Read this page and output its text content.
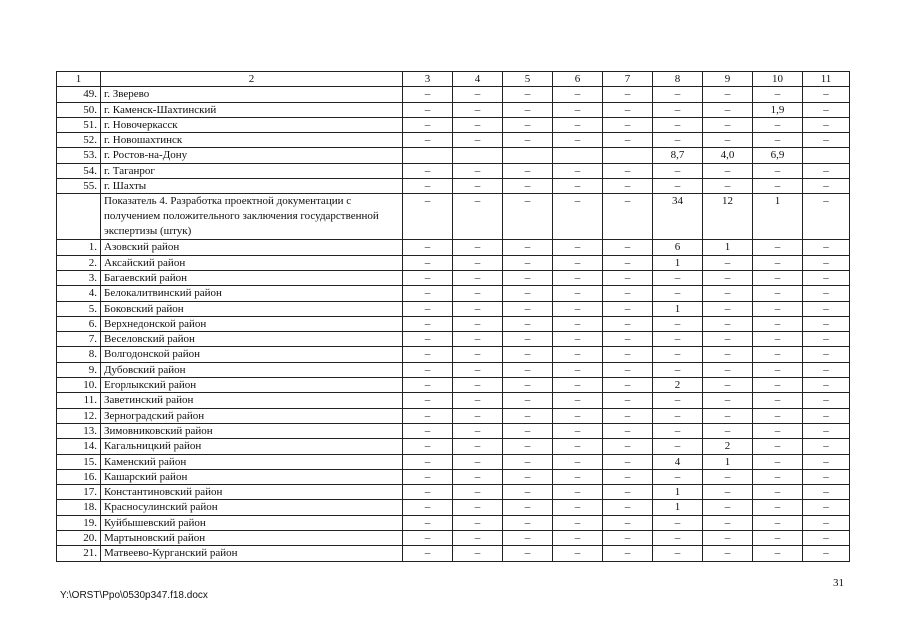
1	2	3	4	5	6	7	8	9	10	11
49.	г. Зверево	–	–	–	–	–	–	–	–	–
50.	г. Каменск-Шахтинский	–	–	–	–	–	–	–	1,9	–
51.	г. Новочеркасск	–	–	–	–	–	–	–	–	–
52.	г. Новошахтинск	–	–	–	–	–	–	–	–	–
53.	г. Ростов-на-Дону						8,7	4,0	6,9	
54.	г. Таганрог	–	–	–	–	–	–	–	–	–
55.	г. Шахты	–	–	–	–	–	–	–	–	–
	Показатель 4. Разработка проектной документации с получением положительного заключения государственной экспертизы (штук)	–	–	–	–	–	34	12	1	–
1.	Азовский район	–	–	–	–	–	6	1	–	–
2.	Аксайский район	–	–	–	–	–	1	–	–	–
3.	Багаевский район	–	–	–	–	–	–	–	–	–
4.	Белокалитвинский район	–	–	–	–	–	–	–	–	–
5.	Боковский район	–	–	–	–	–	1	–	–	–
6.	Верхнедонской район	–	–	–	–	–	–	–	–	–
7.	Веселовский район	–	–	–	–	–	–	–	–	–
8.	Волгодонской район	–	–	–	–	–	–	–	–	–
9.	Дубовский район	–	–	–	–	–	–	–	–	–
10.	Егорлыкский район	–	–	–	–	–	2	–	–	–
11.	Заветинский район	–	–	–	–	–	–	–	–	–
12.	Зерноградский район	–	–	–	–	–	–	–	–	–
13.	Зимовниковский район	–	–	–	–	–	–	–	–	–
14.	Кагальницкий район	–	–	–	–	–	–	2	–	–
15.	Каменский район	–	–	–	–	–	4	1	–	–
16.	Кашарский район	–	–	–	–	–	–	–	–	–
17.	Константиновский район	–	–	–	–	–	1	–	–	–
18.	Красносулинский район	–	–	–	–	–	1	–	–	–
19.	Куйбышевский район	–	–	–	–	–	–	–	–	–
20.	Мартыновский район	–	–	–	–	–	–	–	–	–
21.	Матвеево-Курганский район	–	–	–	–	–	–	–	–	–
31
Y:\ORST\Ppo\0530p347.f18.docx
